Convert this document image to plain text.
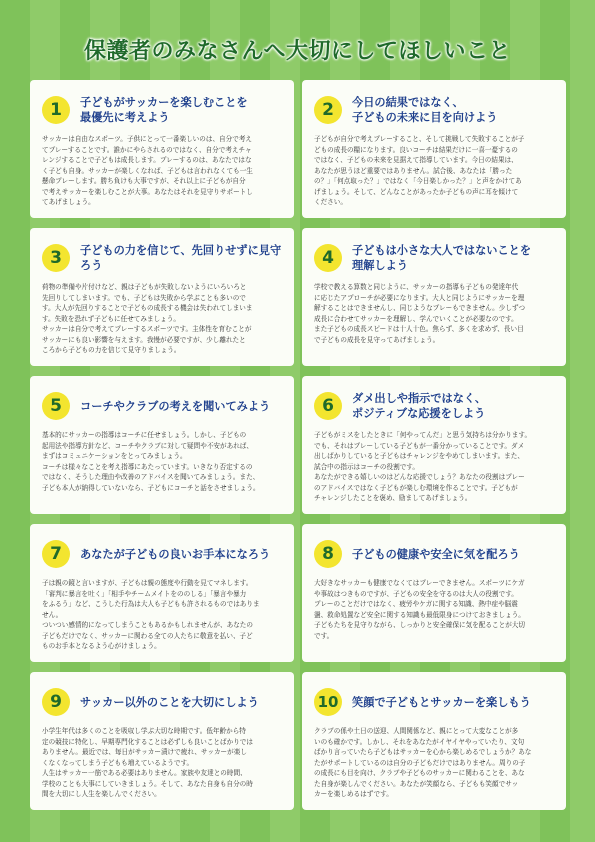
保護者のみなさんへ大切にしてほしいこと
1	子どもがサッカーを楽しむことを
最優先に考えよう
サッカーは自由なスポーツ。子供にとって一番楽しいのは、自分で考え
てプレーすることです。誰かにやらされるのではなく、自分で考えチャ
レンジすることで子どもは成長します。プレーするのは、あなたではな
く子ども自身。サッカーが楽しくなれば、子どもは言われなくても一生
懸命プレーします。勝ち負けも大事ですが、それ以上に子どもが自分
で考えサッカーを楽しむことが大事。あなたはそれを見守りサポートし
てあげましょう。
2	今日の結果ではなく、
子どもの未来に目を向けよう
子どもが自分で考えプレーすること、そして挑戦して失敗することが子
どもの成長の糧になります。良いコーチは結果だけに一喜一憂するの
ではなく、子どもの未来を見据えて指導しています。今日の結果は、
あなたが思うほど重要ではありません。試合後、あなたは「勝った
の？」「何点取った？」ではなく「今日楽しかった？」と声をかけてあ
げましょう。そして、どんなことがあったか子どもの声に耳を傾けて
ください。
3	子どもの力を信じて、先回りせずに見守ろう
荷物の準備や片付けなど、親は子どもが失敗しないようにいろいろと
先回りしてしまいます。でも、子どもは失敗から学ぶことも多いので
す。大人が先回りすることで子どもの成長する機会は失われてしまいま
す。失敗を恐れず子どもに任せてみましょう。
サッカーは自分で考えてプレーするスポーツです。主体性を育むことが
サッカーにも良い影響を与えます。我慢が必要ですが、少し離れたと
ころから子どもの力を信じて見守りましょう。
4	子どもは小さな大人ではないことを
理解しよう
学校で教える算数と同じように、サッカーの指導も子どもの発達年代
に応じたアプローチが必要になります。大人と同じようにサッカーを理
解することはできませんし、同じようなプレーもできません。少しずつ
成長に合わせてサッカーを理解し、学んでいくことが必要なのです。
また子どもの成長スピードは十人十色。焦らず、多くを求めず、長い目
で子どもの成長を見守ってあげましょう。
5	コーチやクラブの考えを聞いてみよう
基本的にサッカーの指導はコーチに任せましょう。しかし、子どもの
起用法や指導方針など、コーチやクラブに対して疑問や不安があれば、
まずはコミュニケーションをとってみましょう。
コーチは様々なことを考え指導にあたっています。いきなり否定するの
ではなく、そうした理由や改善のアドバイスを聞いてみましょう。また、
子ども本人が納得していないなら、子どもにコーチと話をさせましょう。
6	ダメ出しや指示ではなく、
ポジティブな応援をしよう
子どもがミスをしたときに「何やってんだ」と思う気持ちは分かります。
でも、それはプレーしている子どもが一番分かっていることです。ダメ
出しばかりしていると子どもはチャレンジをやめてしまいます。また、
試合中の指示はコーチの役割です。
あなたができる嬉しいのはどんな応援でしょう？あなたの役割はプレー
のアドバイスではなく子どもが楽しむ環境を作ることです。子どもが
チャレンジしたことを褒め、励ましてあげましょう。
7	あなたが子どもの良いお手本になろう
子は親の鏡と言いますが、子どもは親の態度や行動を見てマネします。
「審判に暴言を吐く」「相手やチームメイトをののしる」「暴言や暴力
をふるう」など、こうした行為は大人も子どもも許されるものではありま
せん。
ついつい感情的になってしまうこともあるかもしれませんが、あなたの
子どもだけでなく、サッカーに関わる全ての人たちに敬意を払い、子ど
ものお手本となるよう心がけましょう。
8	子どもの健康や安全に気を配ろう
大好きなサッカーも健康でなくてはプレーできません。スポーツにケガ
や事故はつきものですが、子どもの安全を守るのは大人の役割です。
プレーのことだけではなく、疲労やケガに関する知識、熱中症や脳震
盪、救命処置など安全に関する知識も最低限身につけておきましょう。
子どもたちを見守りながら、しっかりと安全確保に気を配ることが大切
です。
9	サッカー以外のことを大切にしよう
小学生年代は多くのことを吸収し学ぶ大切な時期です。低年齢から特
定の競技に特化し、早期専門化することは必ずしも良いことばかりでは
ありません。最近では、毎日がサッカー漬けで疲れ、サッカーが楽し
くなくなってしまう子どもも増えているようです。
人生はサッカー一筋である必要はありません。家族や友達との時間、
学校のことも大事にしていきましょう。そして、あなた自身も自分の時
間を大切にし人生を楽しんでください。
10	笑顔で子どもとサッカーを楽しもう
クラブの係や土日の送迎、人間関係など、親にとって大変なことが多
いのも確かです。しかし、それをあなたがイヤイヤやっていたり、文句
ばかり言っていたら子どもはサッカーを心から楽しめるでしょうか？あな
たがサポートしているのは自分の子どもだけではありません。周りの子
の成長にも目を向け、クラブや子どものサッカーに関わることを、あな
た自身が楽しんでください。あなたが笑顔なら、子どもも笑顔でサッ
カーを楽しめるはずです。
